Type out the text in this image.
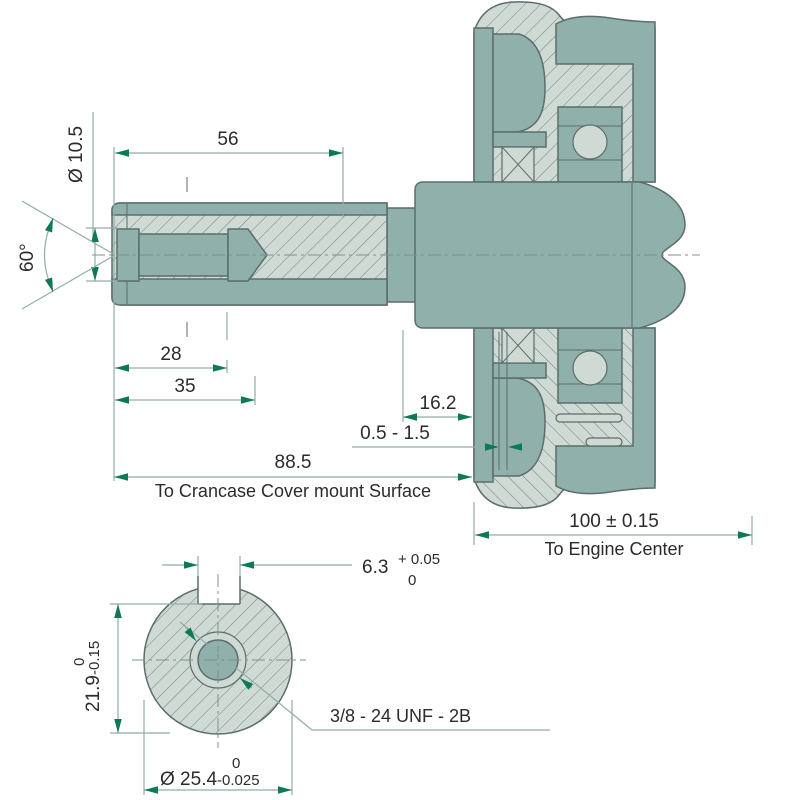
Ø 10.5
60°
56
28
35
16.2
0.5 - 1.5
88.5
To Crancase Cover mount Surface
100 ± 0.15
To Engine Center
6.3 + 0.05
0
21.9-0.15
0
3/8 - 24 UNF - 2B
Ø 25.4-0.025
0
